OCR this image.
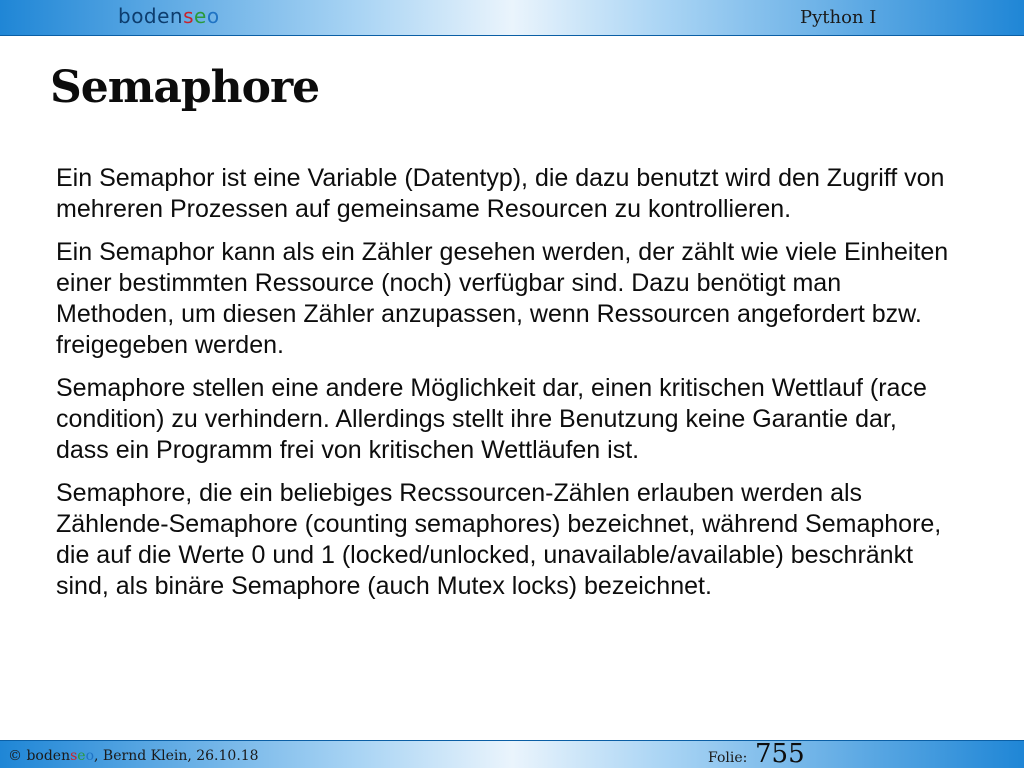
bodenseo	Python I
Semaphore

Ein Semaphor ist eine Variable (Datentyp), die dazu benutzt wird den Zugriff von mehreren Prozessen auf gemeinsame Resourcen zu kontrollieren.

Ein Semaphor kann als ein Zähler gesehen werden, der zählt wie viele Einheiten einer bestimmten Ressource (noch) verfügbar sind. Dazu benötigt man Methoden, um diesen Zähler anzupassen, wenn Ressourcen angefordert bzw. freigegeben werden.

Semaphore stellen eine andere Möglichkeit dar, einen kritischen Wettlauf (race condition) zu verhindern. Allerdings stellt ihre Benutzung keine Garantie dar, dass ein Programm frei von kritischen Wettläufen ist.

Semaphore, die ein beliebiges Recssourcen-Zählen erlauben werden als Zählende-Semaphore (counting semaphores) bezeichnet, während Semaphore, die auf die Werte 0 und 1 (locked/unlocked, unavailable/available) beschränkt sind, als binäre Semaphore (auch Mutex locks) bezeichnet.

© bodenseo, Bernd Klein, 26.10.18	Folie: 755
